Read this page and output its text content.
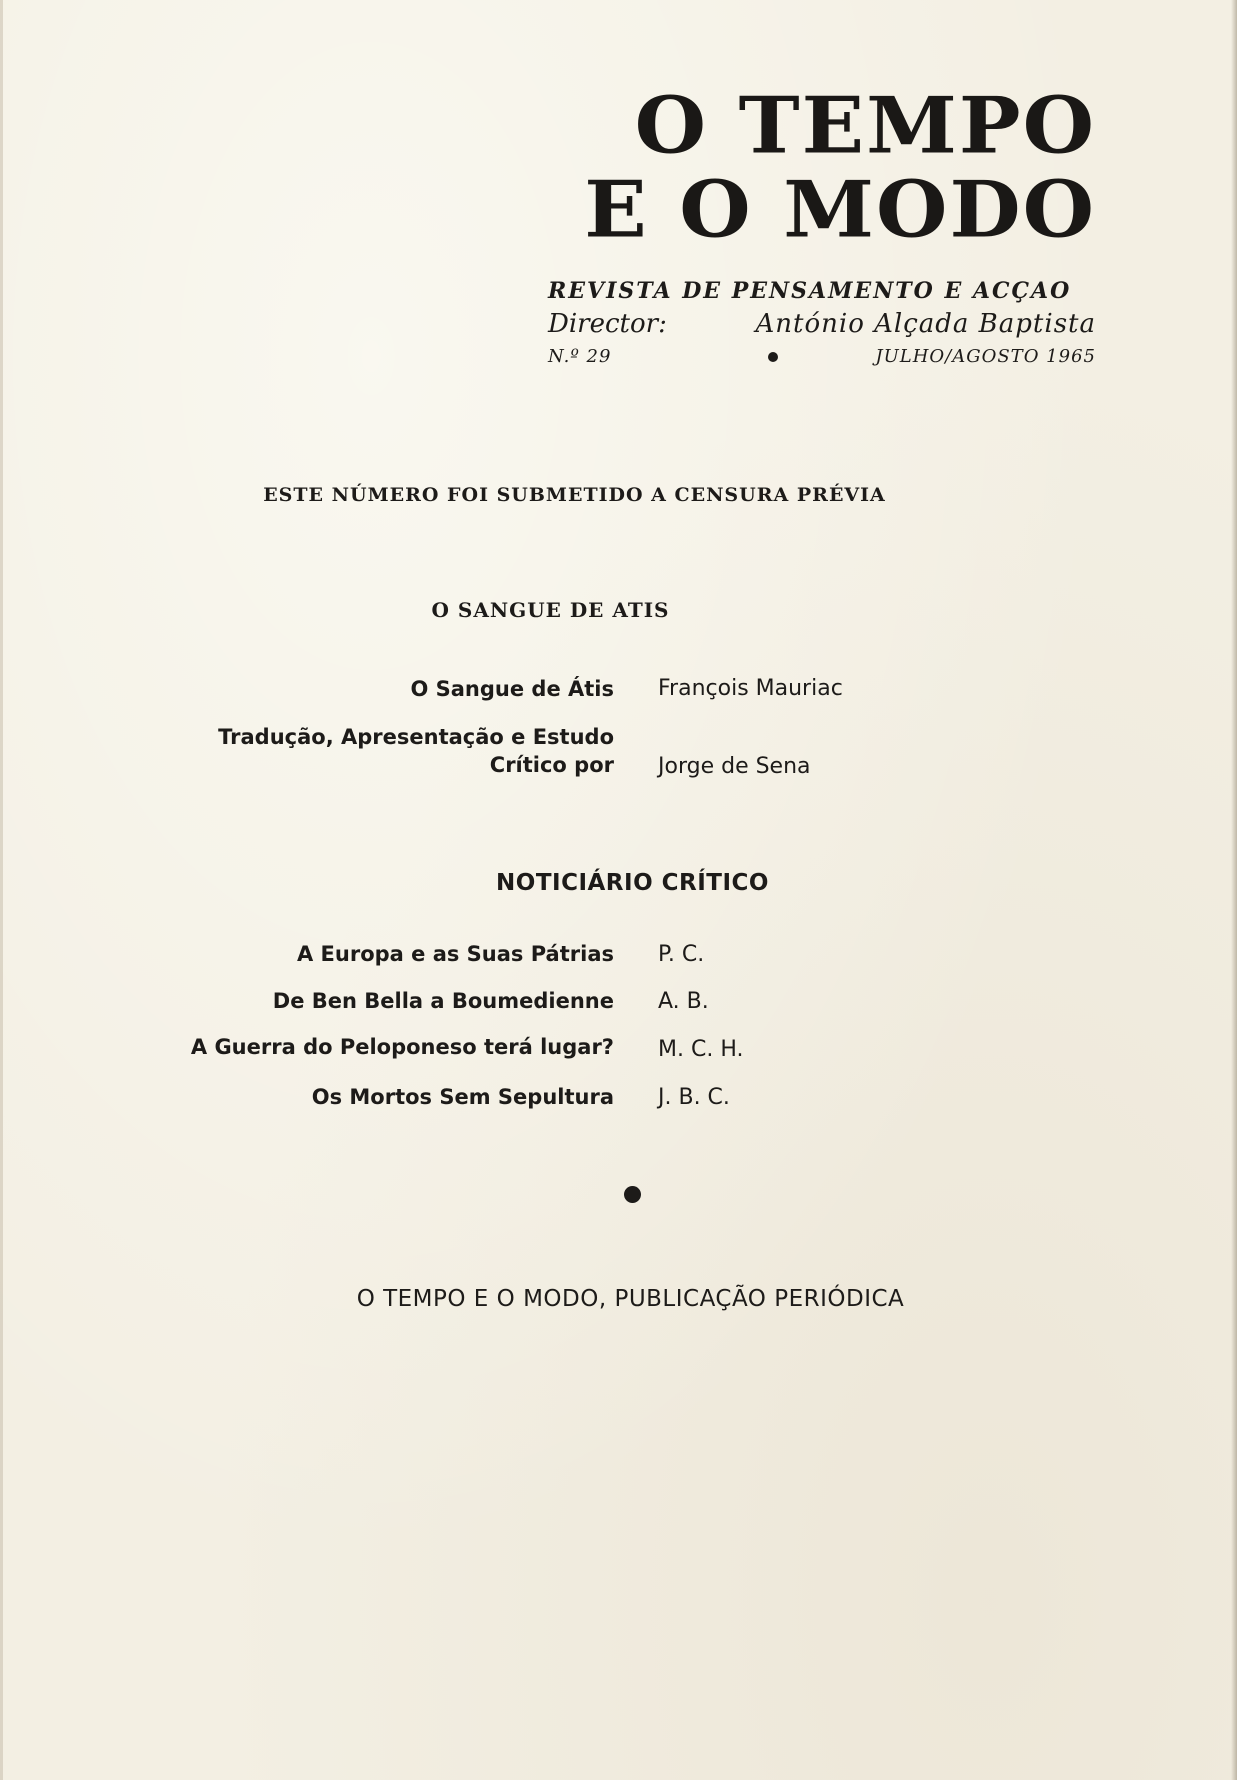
O TEMPO
E O MODO
REVISTA DE PENSAMENTO E ACÇAO
Director:	António Alçada Baptista
N.º 29	JULHO/AGOSTO 1965
ESTE NÚMERO FOI SUBMETIDO A CENSURA PRÉVIA
O SANGUE DE ATIS
O Sangue de Átis François Mauriac
Tradução, Apresentação e Estudo
Crítico por Jorge de Sena
NOTICIÁRIO CRÍTICO
A Europa e as Suas Pátrias P. C.
De Ben Bella a Boumedienne A. B.
A Guerra do Peloponeso terá lugar? M. C. H.
Os Mortos Sem Sepultura J. B. C.
O TEMPO E O MODO, PUBLICAÇÃO PERIÓDICA
